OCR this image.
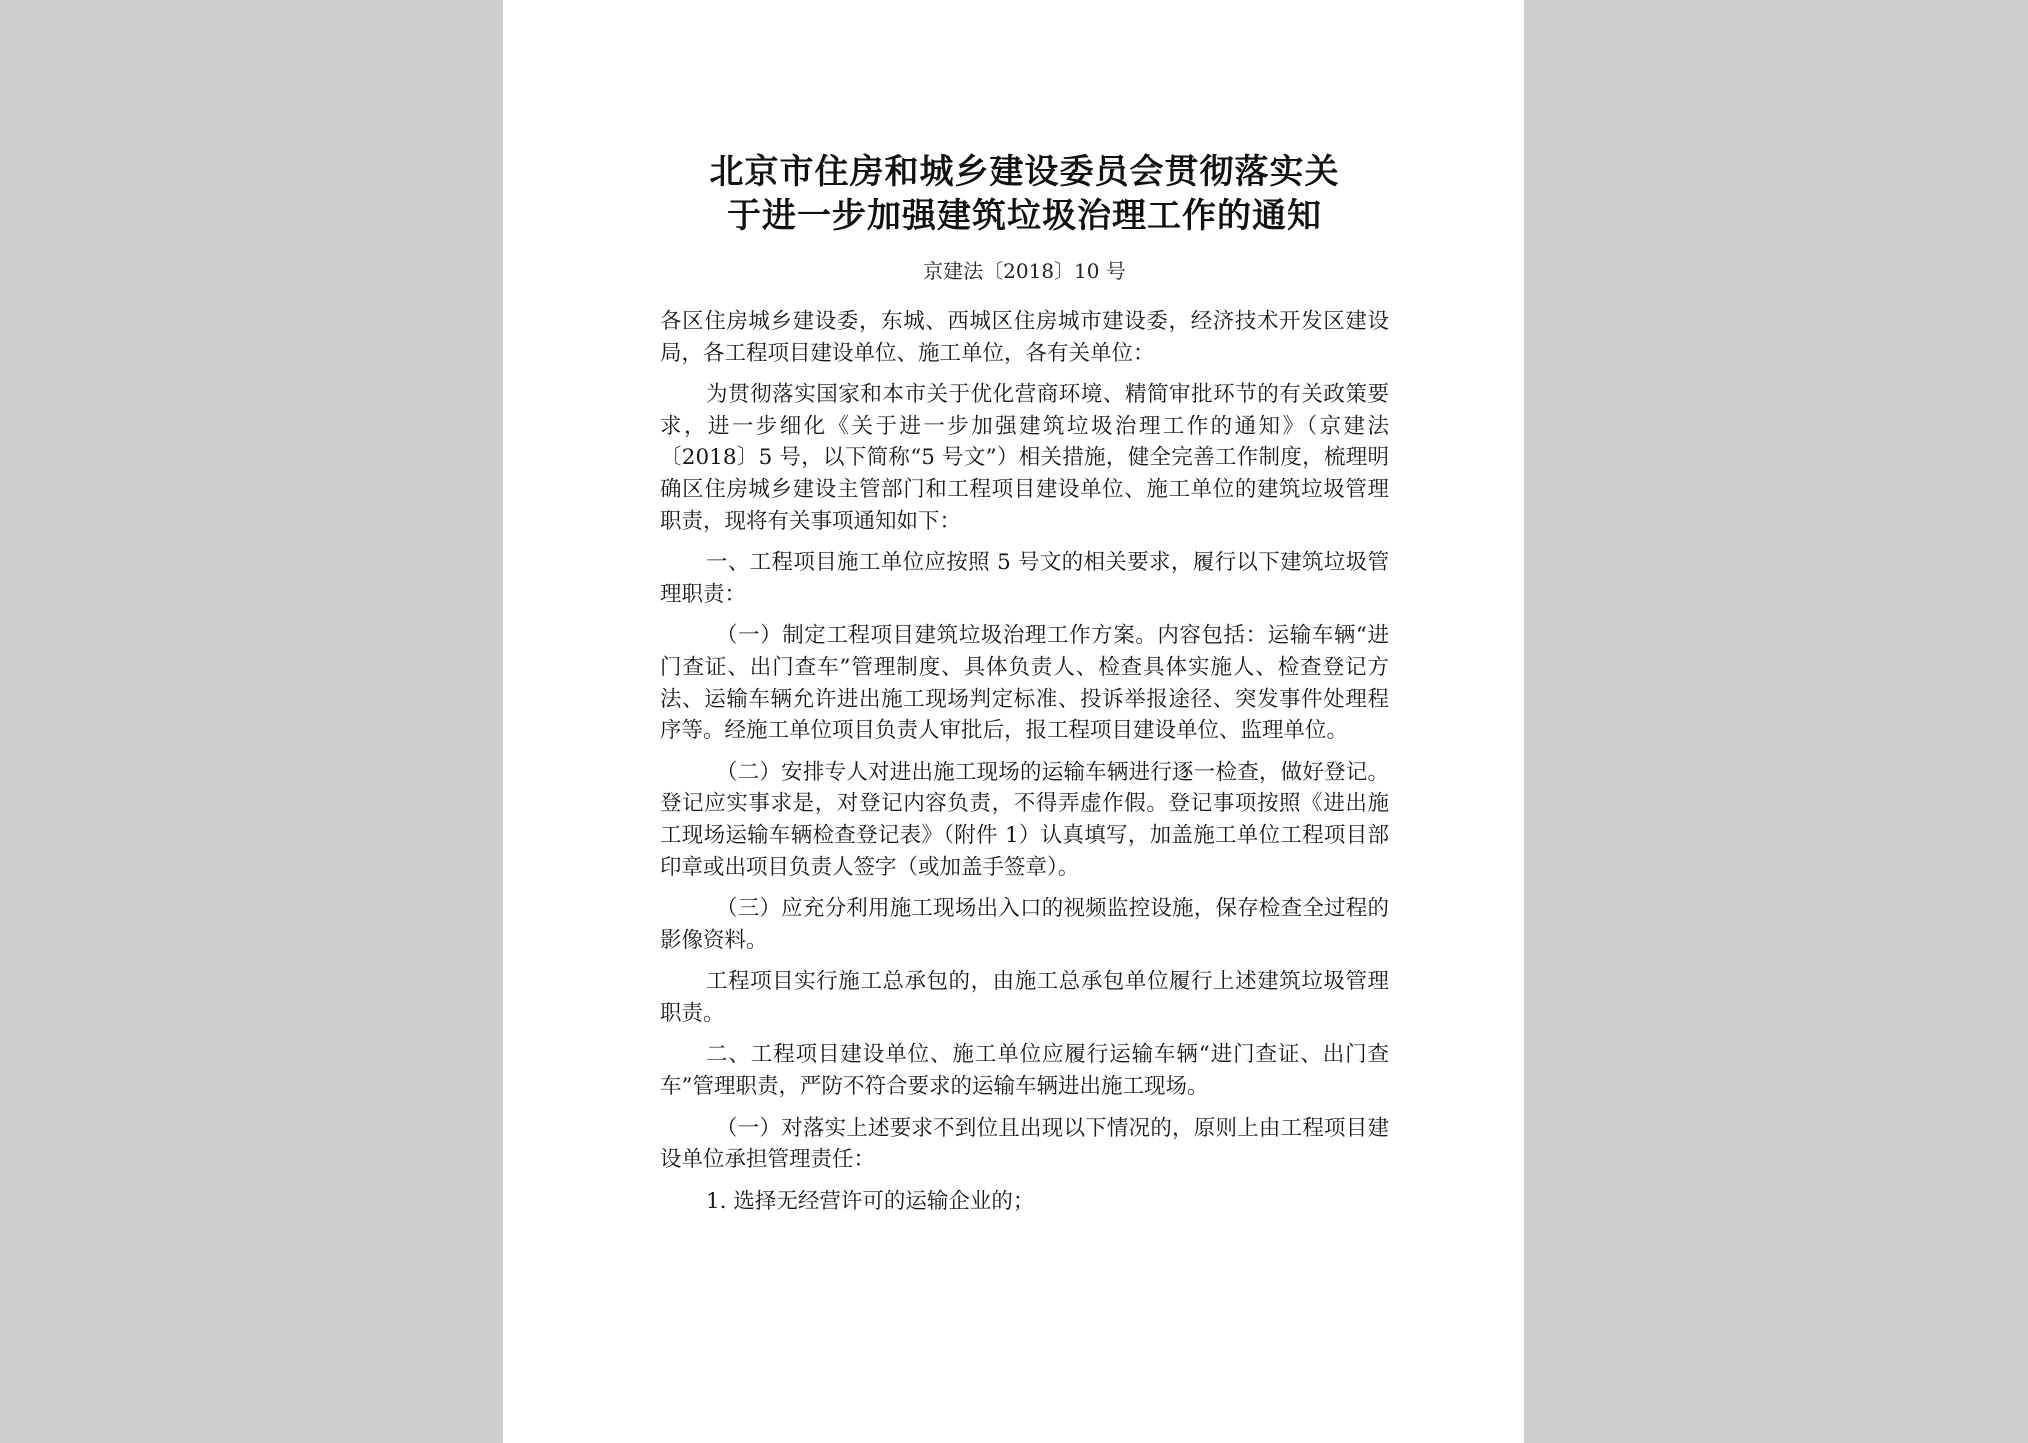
北京市住房和城乡建设委员会贯彻落实关
于进一步加强建筑垃圾治理工作的通知
京建法〔2018〕10 号

各区住房城乡建设委，东城、西城区住房城市建设委，经济技术开发区建设局，各工程项目建设单位、施工单位，各有关单位：

为贯彻落实国家和本市关于优化营商环境、精简审批环节的有关政策要求，进一步细化《关于进一步加强建筑垃圾治理工作的通知》（京建法〔2018〕5 号，以下简称“5 号文”）相关措施，健全完善工作制度，梳理明确区住房城乡建设主管部门和工程项目建设单位、施工单位的建筑垃圾管理职责，现将有关事项通知如下：

一、工程项目施工单位应按照 5 号文的相关要求，履行以下建筑垃圾管理职责：

（一）制定工程项目建筑垃圾治理工作方案。内容包括：运输车辆“进门查证、出门查车”管理制度、具体负责人、检查具体实施人、检查登记方法、运输车辆允许进出施工现场判定标准、投诉举报途径、突发事件处理程序等。经施工单位项目负责人审批后，报工程项目建设单位、监理单位。

（二）安排专人对进出施工现场的运输车辆进行逐一检查，做好登记。登记应实事求是，对登记内容负责，不得弄虚作假。登记事项按照《进出施工现场运输车辆检查登记表》（附件 1）认真填写，加盖施工单位工程项目部印章或出项目负责人签字（或加盖手签章）。

（三）应充分利用施工现场出入口的视频监控设施，保存检查全过程的影像资料。

工程项目实行施工总承包的，由施工总承包单位履行上述建筑垃圾管理职责。

二、工程项目建设单位、施工单位应履行运输车辆“进门查证、出门查车”管理职责，严防不符合要求的运输车辆进出施工现场。

（一）对落实上述要求不到位且出现以下情况的，原则上由工程项目建设单位承担管理责任：

1. 选择无经营许可的运输企业的；
